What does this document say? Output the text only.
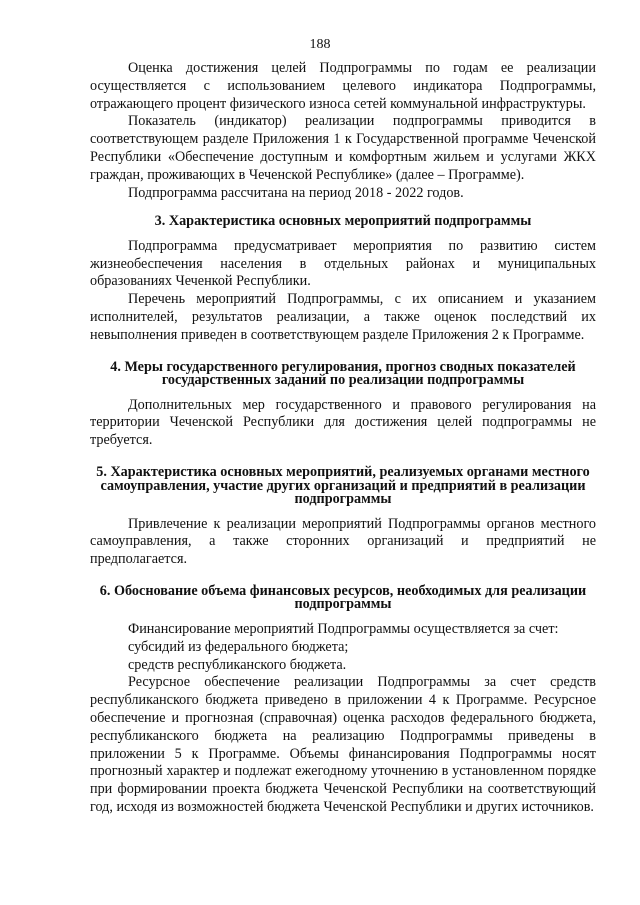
188

Оценка достижения целей Подпрограммы по годам ее реализации осуществляется с использованием целевого индикатора Подпрограммы, отражающего процент физического износа сетей коммунальной инфраструктуры.

Показатель (индикатор) реализации подпрограммы приводится в соответствующем разделе Приложения 1 к Государственной программе Чеченской Республики «Обеспечение доступным и комфортным жильем и услугами ЖКХ граждан, проживающих в Чеченской Республике» (далее – Программе).

Подпрограмма рассчитана на период 2018 - 2022 годов.

3. Характеристика основных мероприятий подпрограммы

Подпрограмма предусматривает мероприятия по развитию систем жизнеобеспечения населения в отдельных районах и муниципальных образованиях Чеченкой Республики.

Перечень мероприятий Подпрограммы, с их описанием и указанием исполнителей, результатов реализации, а также оценок последствий их невыполнения приведен в соответствующем разделе Приложения 2 к Программе.

4. Меры государственного регулирования, прогноз сводных показателей государственных заданий по реализации подпрограммы

Дополнительных мер государственного и правового регулирования на территории Чеченской Республики для достижения целей подпрограммы не требуется.

5. Характеристика основных мероприятий, реализуемых органами местного самоуправления, участие других организаций и предприятий в реализации подпрограммы

Привлечение к реализации мероприятий Подпрограммы органов местного самоуправления, а также сторонних организаций и предприятий не предполагается.

6. Обоснование объема финансовых ресурсов, необходимых для реализации подпрограммы

Финансирование мероприятий Подпрограммы осуществляется за счет:

субсидий из федерального бюджета;

средств республиканского бюджета.

Ресурсное обеспечение реализации Подпрограммы за счет средств республиканского бюджета приведено в приложении 4 к Программе. Ресурсное обеспечение и прогнозная (справочная) оценка расходов федерального бюджета, республиканского бюджета на реализацию Подпрограммы приведены в приложении 5 к Программе. Объемы финансирования Подпрограммы носят прогнозный характер и подлежат ежегодному уточнению в установленном порядке при формировании проекта бюджета Чеченской Республики на соответствующий год, исходя из возможностей бюджета Чеченской Республики и других источников.
